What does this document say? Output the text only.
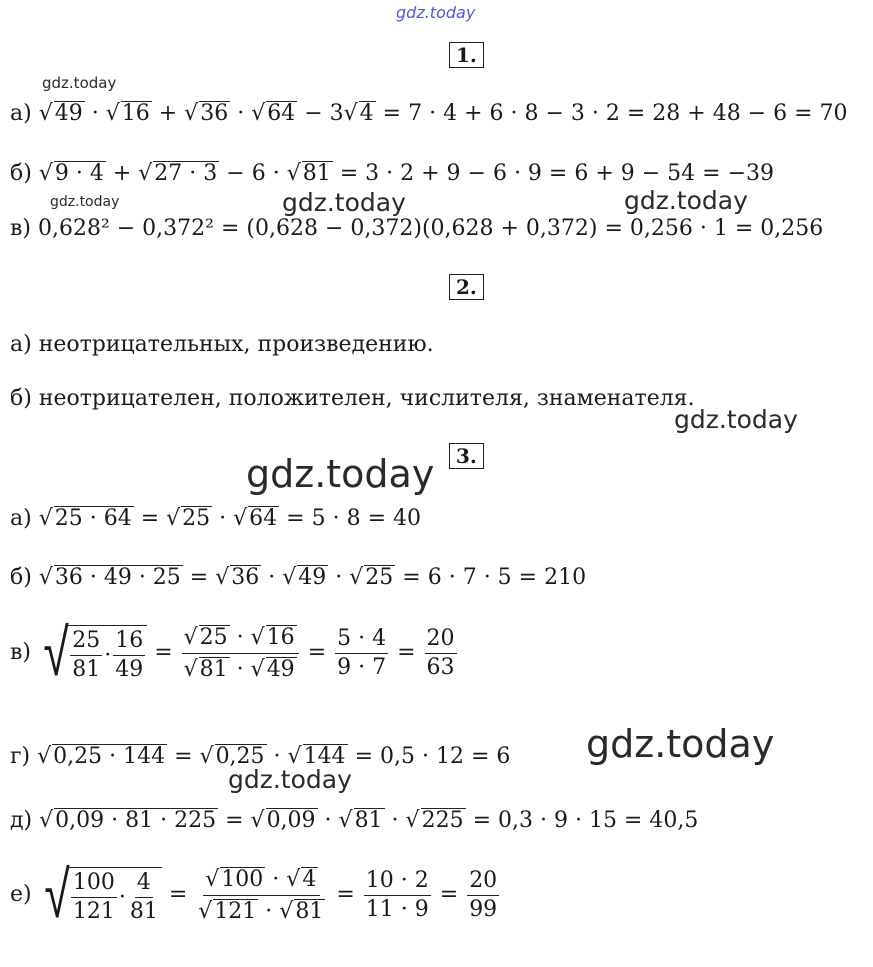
gdz.today
gdz.today
gdz.today	gdz.today	gdz.today
gdz.today
gdz.today
gdz.today
gdz.today
1.
2.
3.
а) √49 · √16 + √36 · √64 − 3√4 = 7 · 4 + 6 · 8 − 3 · 2 = 28 + 48 − 6 = 70
б) √9 · 4 + √27 · 3 − 6 · √81 = 3 · 2 + 9 − 6 · 9 = 6 + 9 − 54 = −39
в) 0,628² − 0,372² = (0,628 − 0,372)(0,628 + 0,372) = 0,256 · 1 = 0,256
а) неотрицательных, произведению.
б) неотрицателен, положителен, числителя, знаменателя.
а) √25 · 64 = √25 · √64 = 5 · 8 = 40
б) √36 · 49 · 25 = √36 · √49 · √25 = 6 · 7 · 5 = 210
в) √ $\frac{25}{81} \cdot \frac{16}{49} = \frac{√25 \cdot √16}{√81 \cdot √49} = \frac{5 \cdot 4}{9 \cdot 7} = \frac{20}{63}$
г) √0,25 · 144 = √0,25 · √144 = 0,5 · 12 = 6
д) √0,09 · 81 · 225 = √0,09 · √81 · √225 = 0,3 · 9 · 15 = 40,5
е) √ $\frac{100}{121} \cdot \frac{4}{81} = \frac{√100 \cdot √4}{√121 \cdot √81} = \frac{10 \cdot 2}{11 \cdot 9} = \frac{20}{99}$
